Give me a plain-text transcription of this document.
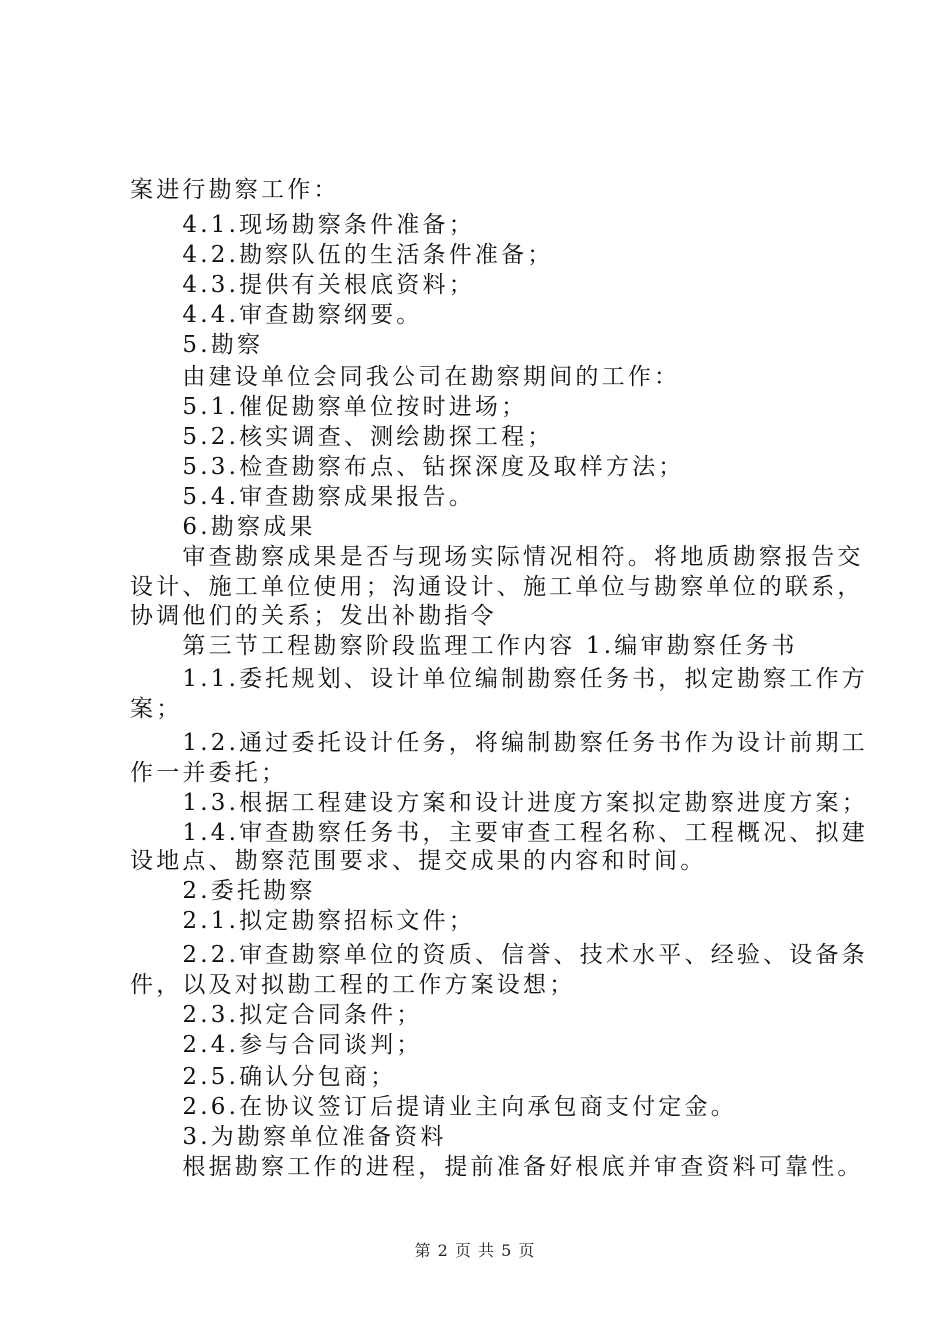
案进行勘察工作：
　　4.1.现场勘察条件准备；
　　4.2.勘察队伍的生活条件准备；
　　4.3.提供有关根底资料；
　　4.4.审查勘察纲要。
　　5.勘察
　　由建设单位会同我公司在勘察期间的工作：
　　5.1.催促勘察单位按时进场；
　　5.2.核实调查、测绘勘探工程；
　　5.3.检查勘察布点、钻探深度及取样方法；
　　5.4.审查勘察成果报告。
　　6.勘察成果
　　审查勘察成果是否与现场实际情况相符。将地质勘察报告交
设计、施工单位使用；沟通设计、施工单位与勘察单位的联系，
协调他们的关系；发出补勘指令
　　第三节工程勘察阶段监理工作内容 1.编审勘察任务书
　　1.1.委托规划、设计单位编制勘察任务书，拟定勘察工作方
案；
　　1.2.通过委托设计任务，将编制勘察任务书作为设计前期工
作一并委托；
　　1.3.根据工程建设方案和设计进度方案拟定勘察进度方案；
　　1.4.审查勘察任务书，主要审查工程名称、工程概况、拟建
设地点、勘察范围要求、提交成果的内容和时间。
　　2.委托勘察
　　2.1.拟定勘察招标文件；
　　2.2.审查勘察单位的资质、信誉、技术水平、经验、设备条
件，以及对拟勘工程的工作方案设想；
　　2.3.拟定合同条件；
　　2.4.参与合同谈判；
　　2.5.确认分包商；
　　2.6.在协议签订后提请业主向承包商支付定金。
　　3.为勘察单位准备资料
　　根据勘察工作的进程，提前准备好根底并审查资料可靠性。
第 2 页 共 5 页
